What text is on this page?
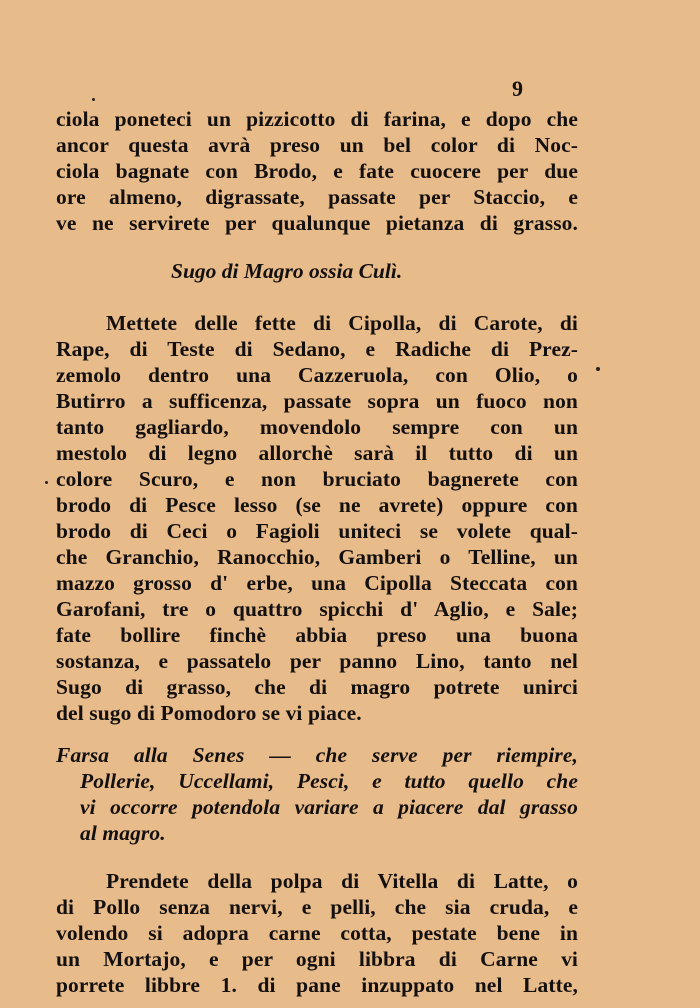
9
ciola poneteci un pizzicotto di farina, e dopo che
ancor questa avrà preso un bel color di Noc-
ciola bagnate con Brodo, e fate cuocere per due
ore almeno, digrassate, passate per Staccio, e
ve ne servirete per qualunque pietanza di grasso.
Sugo di Magro ossia Culì.
Mettete delle fette di Cipolla, di Carote, di
Rape, di Teste di Sedano, e Radiche di Prez-
zemolo dentro una Cazzeruola, con Olio, o
Butirro a sufficenza, passate sopra un fuoco non
tanto gagliardo, movendolo sempre con un
mestolo di legno allorchè sarà il tutto di un
colore Scuro, e non bruciato bagnerete con
brodo di Pesce lesso (se ne avrete) oppure con
brodo di Ceci o Fagioli uniteci se volete qual-
che Granchio, Ranocchio, Gamberi o Telline, un
mazzo grosso d' erbe, una Cipolla Steccata con
Garofani, tre o quattro spicchi d' Aglio, e Sale;
fate bollire finchè abbia preso una buona
sostanza, e passatelo per panno Lino, tanto nel
Sugo di grasso, che di magro potrete unirci
del sugo di Pomodoro se vi piace.
Farsa alla Senes — che serve per riempire,
Pollerie, Uccellami, Pesci, e tutto quello che
vi occorre potendola variare a piacere dal grasso
al magro.
Prendete della polpa di Vitella di Latte, o
di Pollo senza nervi, e pelli, che sia cruda, e
volendo si adopra carne cotta, pestate bene in
un Mortajo, e per ogni libbra di Carne vi
porrete libbre 1. di pane inzuppato nel Latte,
